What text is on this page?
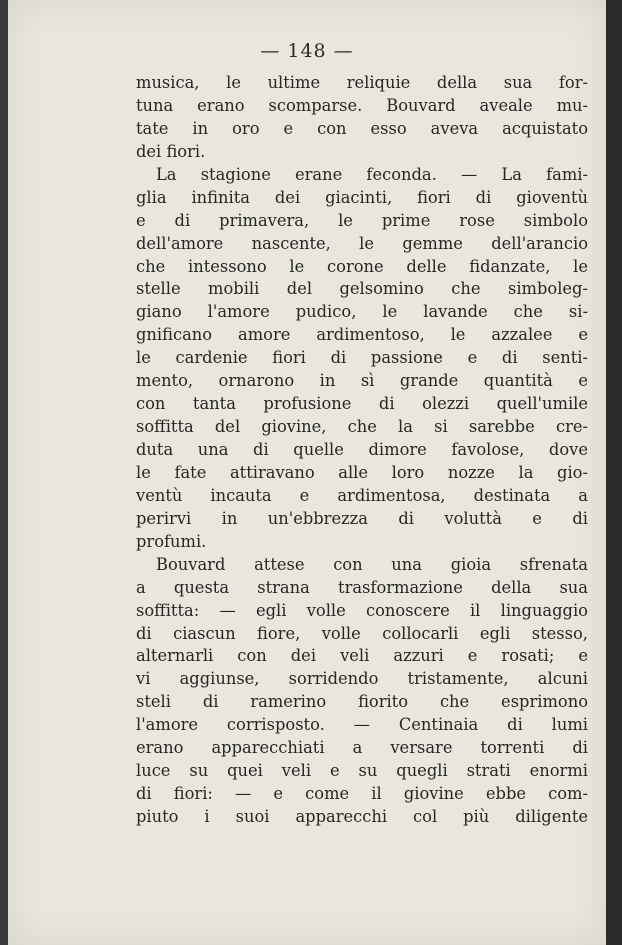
— 148 —
musica, le ultime reliquie della sua for-
tuna erano scomparse. Bouvard aveale mu-
tate in oro e con esso aveva acquistato
dei fiori.
La stagione erane feconda. — La fami-
glia infinita dei giacinti, fiori di gioventù
e di primavera, le prime rose simbolo
dell'amore nascente, le gemme dell'arancio
che intessono le corone delle fidanzate, le
stelle mobili del gelsomino che simboleg-
giano l'amore pudico, le lavande che si-
gnificano amore ardimentoso, le azzalee e
le cardenie fiori di passione e di senti-
mento, ornarono in sì grande quantità e
con tanta profusione di olezzi quell'umile
soffitta del giovine, che la si sarebbe cre-
duta una di quelle dimore favolose, dove
le fate attiravano alle loro nozze la gio-
ventù incauta e ardimentosa, destinata a
perirvi in un'ebbrezza di voluttà e di
profumi.
Bouvard attese con una gioia sfrenata
a questa strana trasformazione della sua
soffitta: — egli volle conoscere il linguaggio
di ciascun fiore, volle collocarli egli stesso,
alternarli con dei veli azzuri e rosati; e
vi aggiunse, sorridendo tristamente, alcuni
steli di ramerino fiorito che esprimono
l'amore corrisposto. — Centinaia di lumi
erano apparecchiati a versare torrenti di
luce su quei veli e su quegli strati enormi
di fiori: — e come il giovine ebbe com-
piuto i suoi apparecchi col più diligente
